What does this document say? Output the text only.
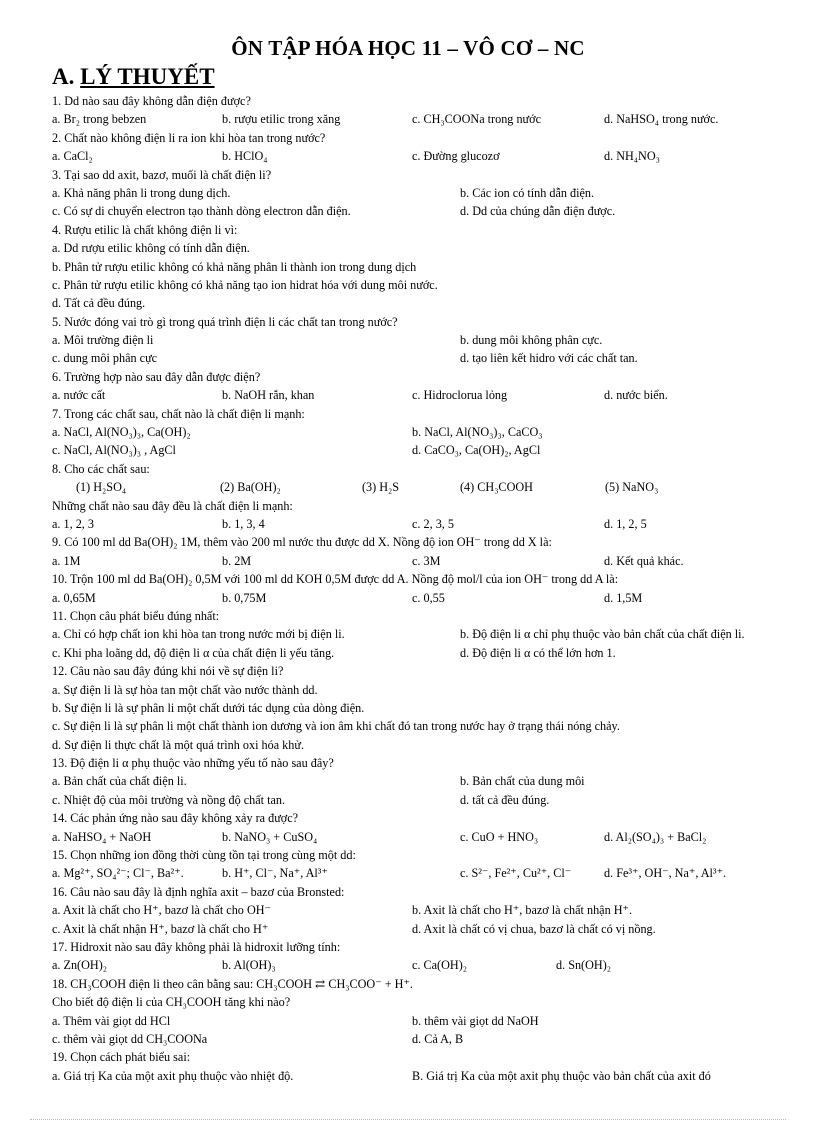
ÔN TẬP HÓA HỌC 11 – VÔ CƠ – NC
A. LÝ THUYẾT
1. Dd nào sau đây không dẫn điện được?
a. Br₂ trong bebzen	b. rượu etilic trong xăng	c. CH₃COONa trong nước	d. NaHSO₄ trong nước.
2. Chất nào không điện li ra ion khi hòa tan trong nước?
a. CaCl₂	b. HClO₄	c. Đường glucozơ	d. NH₄NO₃
3. Tại sao dd axit, bazơ, muối là chất điện li?
a. Khả năng phân li trong dung dịch.	b. Các ion có tính dẫn điện.
c. Có sự di chuyển electron tạo thành dòng electron dẫn điện.	d. Dd của chúng dẫn điện được.
4. Rượu etilic là chất không điện li vì:
a. Dd rượu etilic không có tính dẫn điện.
b. Phân tử rượu etilic không có khả năng phân li thành ion trong dung dịch
c. Phân tử rượu etilic không có khả năng tạo ion hidrat hóa với dung môi nước.
d. Tất cả đều đúng.
5. Nước đóng vai trò gì trong quá trình điện li các chất tan trong nước?
a. Môi trường điện li	b. dung môi không phân cực.
c. dung môi phân cực	d. tạo liên kết hidro với các chất tan.
6. Trường hợp nào sau đây dẫn được điện?
a. nước cất	b. NaOH rắn, khan	c. Hidroclorua lỏng	d. nước biển.
7. Trong các chất sau, chất nào là chất điện li mạnh:
a. NaCl, Al(NO₃)₃, Ca(OH)₂	b. NaCl, Al(NO₃)₃, CaCO₃
c. NaCl, Al(NO₃)₃ , AgCl	d. CaCO₃, Ca(OH)₂, AgCl
8. Cho các chất sau:
(1) H₂SO₄	(2) Ba(OH)₂	(3) H₂S	(4) CH₃COOH	(5) NaNO₃
Những chất nào sau đây đều là chất điện li mạnh:
a. 1, 2, 3	b. 1, 3, 4	c. 2, 3, 5	d. 1, 2, 5
9. Có 100 ml dd Ba(OH)₂ 1M, thêm vào 200 ml nước thu được dd X. Nồng độ ion OH⁻ trong dd X là:
a. 1M	b. 2M	c. 3M	d. Kết quả khác.
10. Trộn 100 ml dd Ba(OH)₂ 0,5M với 100 ml dd KOH 0,5M được dd A. Nồng độ mol/l của ion OH⁻ trong dd A là:
a. 0,65M	b. 0,75M	c. 0,55	d. 1,5M
11. Chọn câu phát biểu đúng nhất:
a. Chỉ có hợp chất ion khi hòa tan trong nước mới bị điện li.	b. Độ điện li α chỉ phụ thuộc vào bản chất của chất điện li.
c. Khi pha loãng dd, độ điện li α của chất điện li yếu tăng.	d. Độ điện li α có thể lớn hơn 1.
12. Câu nào sau đây đúng khi nói về sự điện li?
a. Sự điện li là sự hòa tan một chất vào nước thành dd.
b. Sự điện li là sự phân li một chất dưới tác dụng của dòng điện.
c. Sự điện li là sự phân li một chất thành ion dương và ion âm khi chất đó tan trong nước hay ở trạng thái nóng chảy.
d. Sự điện li thực chất là một quá trình oxi hóa khử.
13. Độ điện li α phụ thuộc vào những yếu tố nào sau đây?
a. Bản chất của chất điện li.	b. Bản chất của dung môi
c. Nhiệt độ của môi trường và nồng độ chất tan.	d. tất cả đều đúng.
14. Các phản ứng nào sau đây không xảy ra được?
a. NaHSO₄ + NaOH	b. NaNO₃ + CuSO₄	c. CuO + HNO₃	d. Al₂(SO₄)₃ + BaCl₂
15. Chọn những ion đồng thời cùng tồn tại trong cùng một dd:
a. Mg²⁺, SO₄²⁻; Cl⁻, Ba²⁺.	b. H⁺, Cl⁻, Na⁺, Al³⁺	c. S²⁻, Fe²⁺, Cu²⁺, Cl⁻	d. Fe³⁺, OH⁻, Na⁺, Al³⁺.
16. Câu nào sau đây là định nghĩa axit – bazơ của Bronsted:
a. Axit là chất cho H⁺, bazơ là chất cho OH⁻	b. Axit là chất cho H⁺, bazơ là chất nhận H⁺.
c. Axit là chất nhận H⁺, bazơ là chất cho H⁺	d. Axit là chất có vị chua, bazơ là chất có vị nồng.
17. Hidroxit nào sau đây không phải là hidroxit lưỡng tính:
a. Zn(OH)₂	b. Al(OH)₃	c. Ca(OH)₂	d. Sn(OH)₂
18. CH₃COOH điện li theo cân bằng sau: CH₃COOH ⇄ CH₃COO⁻ + H⁺.
Cho biết độ điện li của CH₃COOH tăng khi nào?
a. Thêm vài giọt dd HCl	b. thêm vài giọt dd NaOH
c. thêm vài giọt dd CH₃COONa	d. Cả A, B
19. Chọn cách phát biểu sai:
a. Giá trị Ka của một axit phụ thuộc vào nhiệt độ.	B. Giá trị Ka của một axit phụ thuộc vào bản chất của axit đó
